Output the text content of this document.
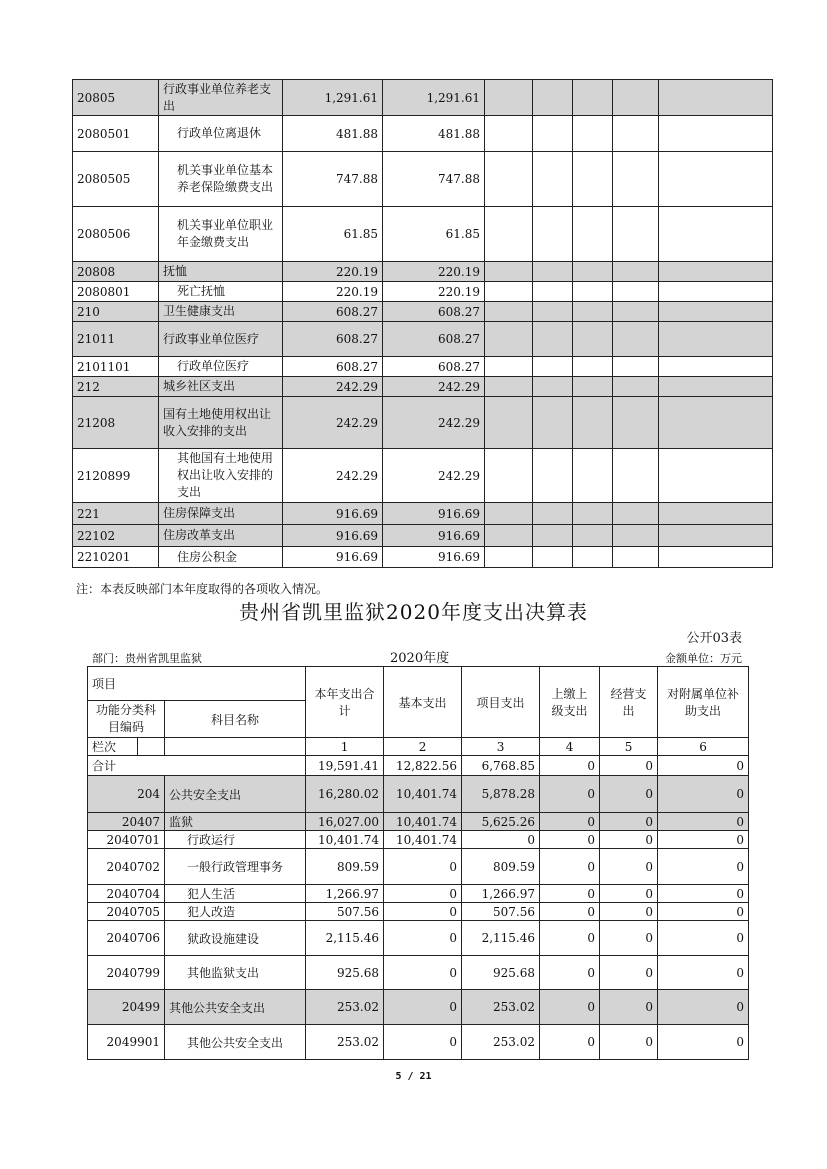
20805	行政事业单位养老支出	1,291.61	1,291.61					
2080501	行政单位离退休	481.88	481.88					
2080505	机关事业单位基本养老保险缴费支出	747.88	747.88					
2080506	机关事业单位职业年金缴费支出	61.85	61.85					
20808	抚恤	220.19	220.19					
2080801	死亡抚恤	220.19	220.19					
210	卫生健康支出	608.27	608.27					
21011	行政事业单位医疗	608.27	608.27					
2101101	行政单位医疗	608.27	608.27					
212	城乡社区支出	242.29	242.29					
21208	国有土地使用权出让收入安排的支出	242.29	242.29					
2120899	其他国有土地使用权出让收入安排的支出	242.29	242.29					
221	住房保障支出	916.69	916.69					
22102	住房改革支出	916.69	916.69					
2210201	住房公积金	916.69	916.69					
注：本表反映部门本年度取得的各项收入情况。
贵州省凯里监狱2020年度支出决算表
公开03表
部门：贵州省凯里监狱	2020年度	金额单位：万元
项目			本年支出合计	基本支出	项目支出	上缴上级支出	经营支出	对附属单位补助支出
功能分类科目编码		科目名称						
栏次			1	2	3	4	5	6
合计			19,591.41	12,822.56	6,768.85	0	0	0
204		公共安全支出	16,280.02	10,401.74	5,878.28	0	0	0
20407		监狱	16,027.00	10,401.74	5,625.26	0	0	0
2040701		行政运行	10,401.74	10,401.74	0	0	0	0
2040702		一般行政管理事务	809.59	0	809.59	0	0	0
2040704		犯人生活	1,266.97	0	1,266.97	0	0	0
2040705		犯人改造	507.56	0	507.56	0	0	0
2040706		狱政设施建设	2,115.46	0	2,115.46	0	0	0
2040799		其他监狱支出	925.68	0	925.68	0	0	0
20499		其他公共安全支出	253.02	0	253.02	0	0	0
2049901		其他公共安全支出	253.02	0	253.02	0	0	0
5 / 21
